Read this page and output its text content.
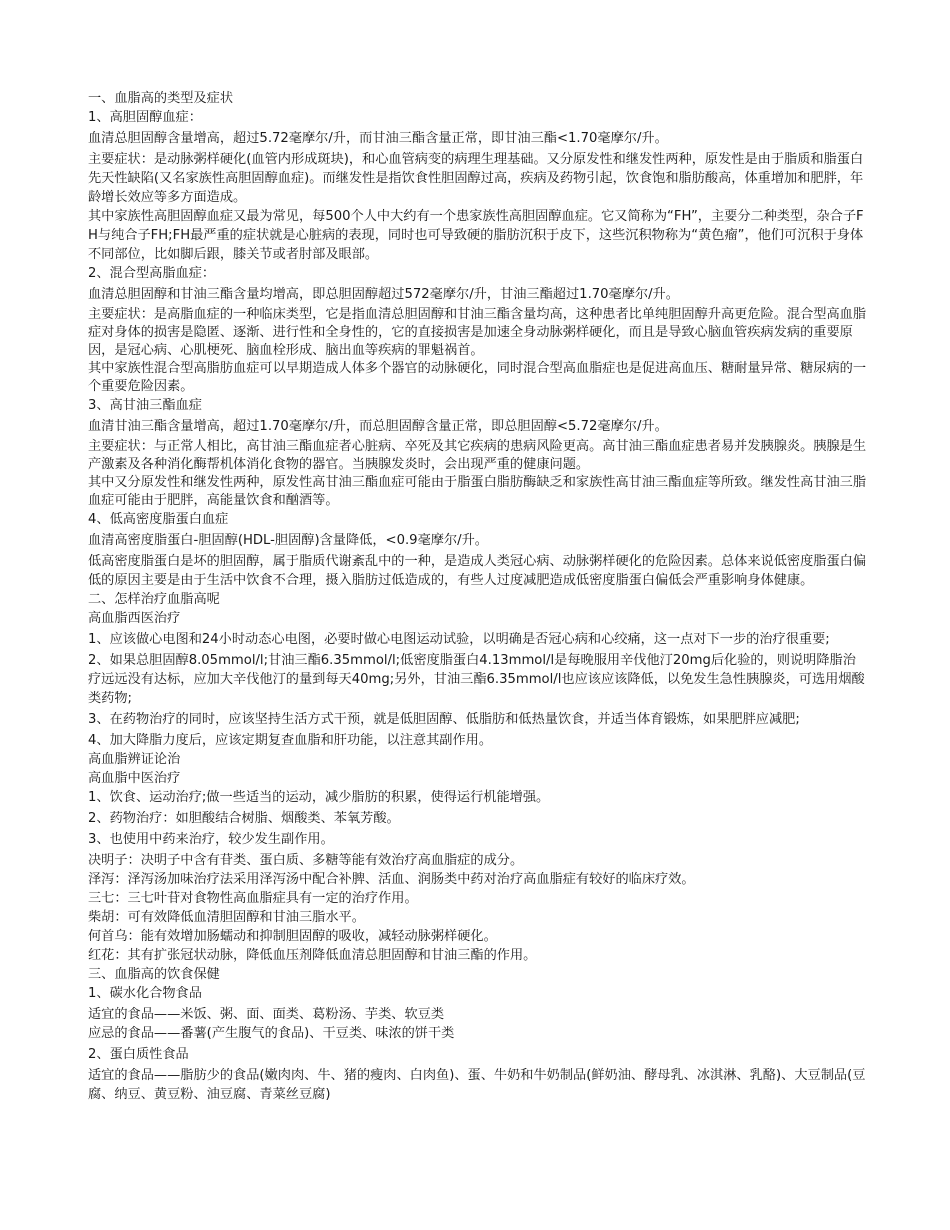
一、血脂高的类型及症状

1、高胆固醇血症：

血清总胆固醇含量增高，超过5.72毫摩尔/升，而甘油三酯含量正常，即甘油三酯<1.70毫摩尔/升。

主要症状：是动脉粥样硬化(血管内形成斑块)，和心血管病变的病理生理基础。又分原发性和继发性两种，原发性是由于脂质和脂蛋白先天性缺陷(又名家族性高胆固醇血症)。而继发性是指饮食性胆固醇过高，疾病及药物引起，饮食饱和脂肪酸高，体重增加和肥胖，年龄增长效应等多方面造成。

其中家族性高胆固醇血症又最为常见，每500个人中大约有一个患家族性高胆固醇血症。它又简称为“FH”，主要分二种类型，杂合子FH与纯合子FH;FH最严重的症状就是心脏病的表现，同时也可导致硬的脂肪沉积于皮下，这些沉积物称为“黄色瘤”，他们可沉积于身体不同部位，比如脚后跟，膝关节或者肘部及眼部。

2、混合型高脂血症：

血清总胆固醇和甘油三酯含量均增高，即总胆固醇超过572毫摩尔/升，甘油三酯超过1.70毫摩尔/升。

主要症状：是高脂血症的一种临床类型，它是指血清总胆固醇和甘油三酯含量均高，这种患者比单纯胆固醇升高更危险。混合型高血脂症对身体的损害是隐匿、逐渐、进行性和全身性的，它的直接损害是加速全身动脉粥样硬化，而且是导致心脑血管疾病发病的重要原因，是冠心病、心肌梗死、脑血栓形成、脑出血等疾病的罪魁祸首。

其中家族性混合型高脂肪血症可以早期造成人体多个器官的动脉硬化，同时混合型高血脂症也是促进高血压、糖耐量异常、糖尿病的一个重要危险因素。

3、高甘油三酯血症

血清甘油三酯含量增高，超过1.70毫摩尔/升，而总胆固醇含量正常，即总胆固醇<5.72毫摩尔/升。

主要症状：与正常人相比，高甘油三酯血症者心脏病、卒死及其它疾病的患病风险更高。高甘油三酯血症患者易并发胰腺炎。胰腺是生产激素及各种消化酶帮机体消化食物的器官。当胰腺发炎时，会出现严重的健康问题。

其中又分原发性和继发性两种，原发性高甘油三酯血症可能由于脂蛋白脂肪酶缺乏和家族性高甘油三酯血症等所致。继发性高甘油三脂血症可能由于肥胖，高能量饮食和酗酒等。

4、低高密度脂蛋白血症

血清高密度脂蛋白-胆固醇(HDL-胆固醇)含量降低，<0.9毫摩尔/升。

低高密度脂蛋白是坏的胆固醇，属于脂质代谢紊乱中的一种，是造成人类冠心病、动脉粥样硬化的危险因素。总体来说低密度脂蛋白偏低的原因主要是由于生活中饮食不合理，摄入脂肪过低造成的，有些人过度减肥造成低密度脂蛋白偏低会严重影响身体健康。

二、怎样治疗血脂高呢

高血脂西医治疗

1、应该做心电图和24小时动态心电图，必要时做心电图运动试验，以明确是否冠心病和心绞痛，这一点对下一步的治疗很重要;

2、如果总胆固醇8.05mmol/l;甘油三酯6.35mmol/l;低密度脂蛋白4.13mmol/l是每晚服用辛伐他汀20mg后化验的，则说明降脂治疗远远没有达标，应加大辛伐他汀的量到每天40mg;另外，甘油三酯6.35mmol/l也应该应该降低，以免发生急性胰腺炎，可选用烟酸类药物;

3、在药物治疗的同时，应该坚持生活方式干预，就是低胆固醇、低脂肪和低热量饮食，并适当体育锻炼，如果肥胖应减肥;

4、加大降脂力度后，应该定期复查血脂和肝功能，以注意其副作用。

高血脂辨证论治

高血脂中医治疗

1、饮食、运动治疗;做一些适当的运动，减少脂肪的积累，使得运行机能增强。

2、药物治疗：如胆酸结合树脂、烟酸类、苯氧芳酸。

3、也使用中药来治疗，较少发生副作用。

决明子：决明子中含有苷类、蛋白质、多糖等能有效治疗高血脂症的成分。

泽泻：泽泻汤加味治疗法采用泽泻汤中配合补脾、活血、润肠类中药对治疗高血脂症有较好的临床疗效。

三七：三七叶苷对食物性高血脂症具有一定的治疗作用。

柴胡：可有效降低血清胆固醇和甘油三脂水平。

何首乌：能有效增加肠蠕动和抑制胆固醇的吸收，减轻动脉粥样硬化。

红花：其有扩张冠状动脉，降低血压剂降低血清总胆固醇和甘油三酯的作用。

三、血脂高的饮食保健

1、碳水化合物食品

适宜的食品——米饭、粥、面、面类、葛粉汤、芋类、软豆类

应忌的食品——番薯(产生腹气的食品)、干豆类、味浓的饼干类

2、蛋白质性食品

适宜的食品——脂肪少的食品(嫩肉肉、牛、猪的瘦肉、白肉鱼)、蛋、牛奶和牛奶制品(鲜奶油、酵母乳、冰淇淋、乳酪)、大豆制品(豆腐、纳豆、黄豆粉、油豆腐、青菜丝豆腐)
